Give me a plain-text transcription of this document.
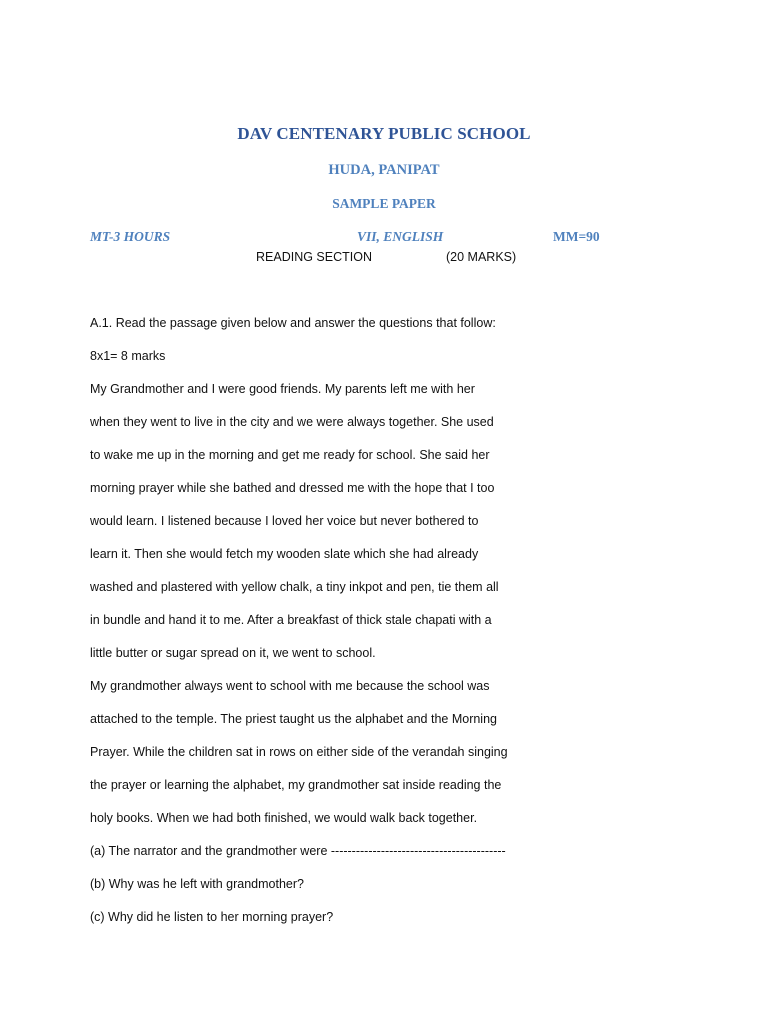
DAV CENTENARY PUBLIC SCHOOL
HUDA, PANIPAT
SAMPLE PAPER

MT-3 HOURS	VII, ENGLISH	MM=90

READING SECTION	(20 MARKS)

A.1. Read the passage given below and answer the questions that follow:

8x1= 8 marks

My Grandmother and I were good friends. My parents left me with her

when they went to live in the city and we were always together. She used

to wake me up in the morning and get me ready for school. She said her

morning prayer while she bathed and dressed me with the hope that I too

would learn. I listened because I loved her voice but never bothered to

learn it. Then she would fetch my wooden slate which she had already

washed and plastered with yellow chalk, a tiny inkpot and pen, tie them all

in bundle and hand it to me. After a breakfast of thick stale chapati with a

little butter or sugar spread on it, we went to school.

My grandmother always went to school with me because the school was

attached to the temple. The priest taught us the alphabet and the Morning

Prayer. While the children sat in rows on either side of the verandah singing

the prayer or learning the alphabet, my grandmother sat inside reading the

holy books. When we had both finished, we would walk back together.

(a) The narrator and the grandmother were ------------------------------------------

(b) Why was he left with grandmother?

(c) Why did he listen to her morning prayer?
